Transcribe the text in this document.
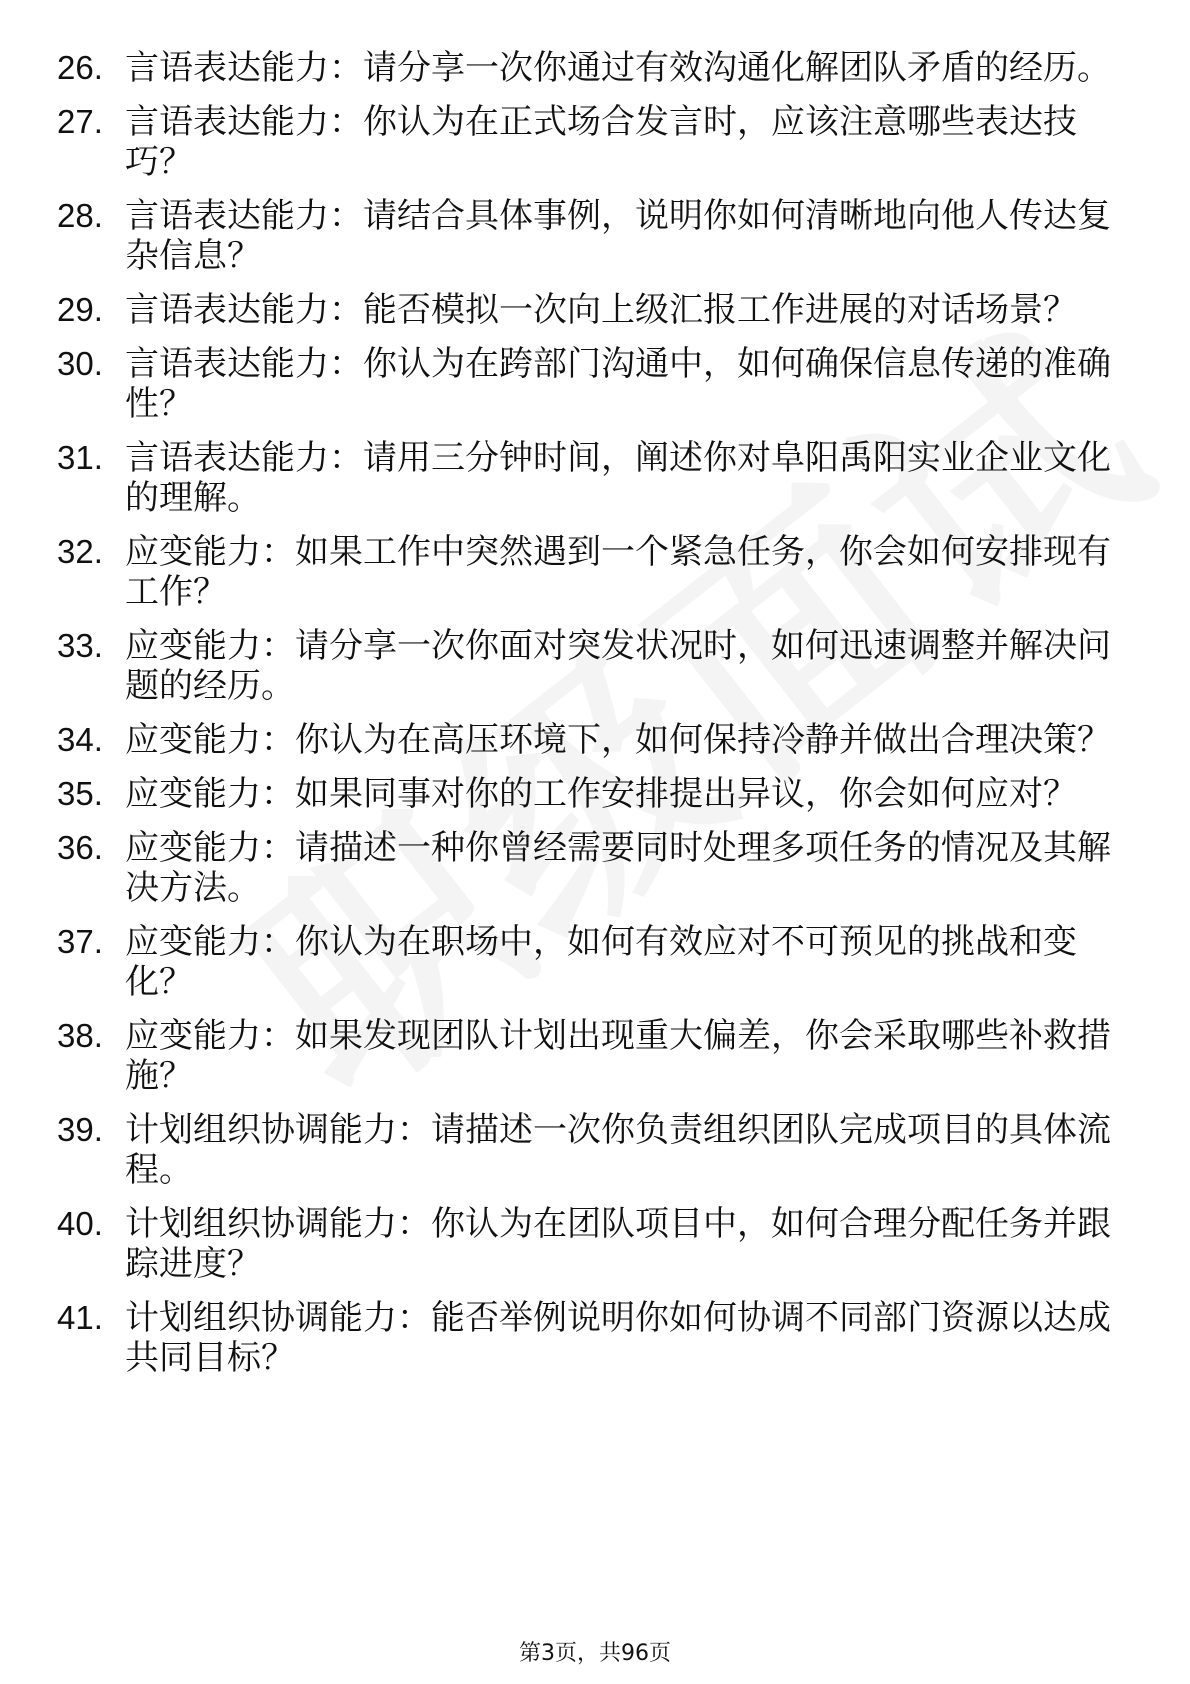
26. 言语表达能力：请分享一次你通过有效沟通化解团队矛盾的经历。
27. 言语表达能力：你认为在正式场合发言时，应该注意哪些表达技巧？
28. 言语表达能力：请结合具体事例，说明你如何清晰地向他人传达复杂信息？
29. 言语表达能力：能否模拟一次向上级汇报工作进展的对话场景？
30. 言语表达能力：你认为在跨部门沟通中，如何确保信息传递的准确性？
31. 言语表达能力：请用三分钟时间，阐述你对阜阳禹阳实业企业文化的理解。
32. 应变能力：如果工作中突然遇到一个紧急任务，你会如何安排现有工作？
33. 应变能力：请分享一次你面对突发状况时，如何迅速调整并解决问题的经历。
34. 应变能力：你认为在高压环境下，如何保持冷静并做出合理决策？
35. 应变能力：如果同事对你的工作安排提出异议，你会如何应对？
36. 应变能力：请描述一种你曾经需要同时处理多项任务的情况及其解决方法。
37. 应变能力：你认为在职场中，如何有效应对不可预见的挑战和变化？
38. 应变能力：如果发现团队计划出现重大偏差，你会采取哪些补救措施？
39. 计划组织协调能力：请描述一次你负责组织团队完成项目的具体流程。
40. 计划组织协调能力：你认为在团队项目中，如何合理分配任务并跟踪进度？
41. 计划组织协调能力：能否举例说明你如何协调不同部门资源以达成共同目标？
第3页，共96页
